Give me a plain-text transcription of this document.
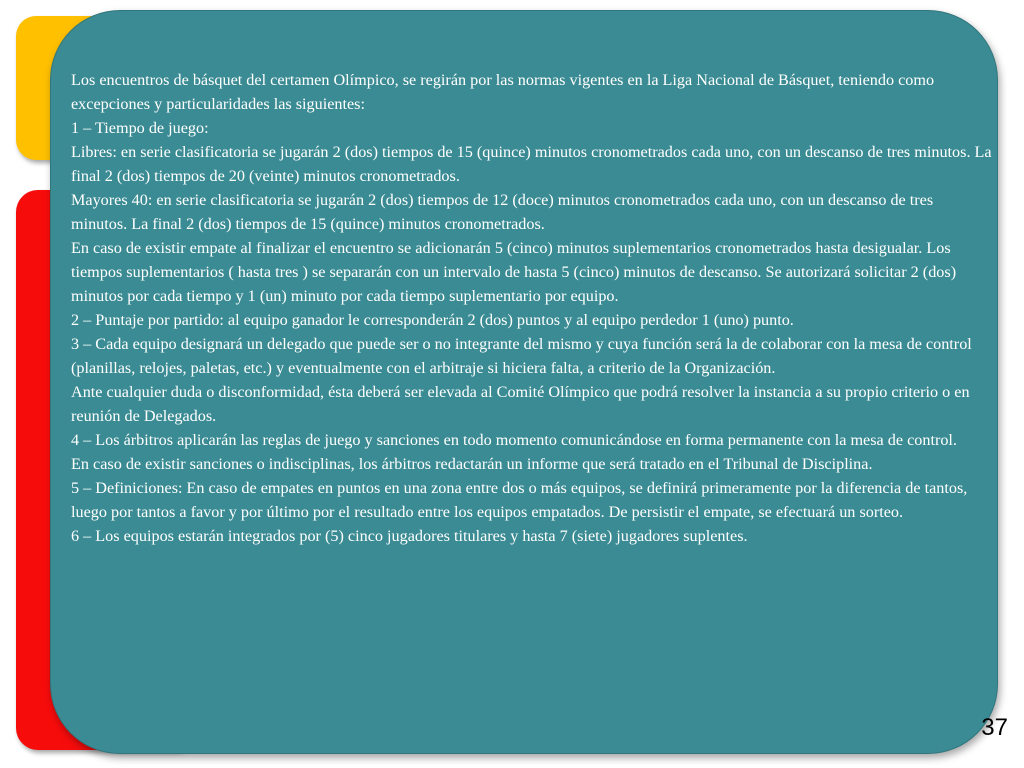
Los encuentros de básquet del certamen Olímpico, se regirán por las normas vigentes en la Liga Nacional de Básquet, teniendo como excepciones y particularidades las siguientes:

1 – Tiempo de juego:

Libres: en serie clasificatoria se jugarán 2 (dos) tiempos de 15 (quince) minutos cronometrados cada uno, con un descanso de tres minutos. La final 2 (dos) tiempos de 20 (veinte) minutos cronometrados.

Mayores 40: en serie clasificatoria se jugarán 2 (dos) tiempos de 12 (doce) minutos cronometrados cada uno, con un descanso de tres minutos. La final 2 (dos) tiempos de 15 (quince) minutos cronometrados.

En caso de existir empate al finalizar el encuentro se adicionarán 5 (cinco) minutos suplementarios cronometrados hasta desigualar. Los tiempos suplementarios ( hasta tres ) se separarán con un intervalo de hasta 5 (cinco) minutos de descanso. Se autorizará solicitar 2 (dos) minutos por cada tiempo y 1 (un) minuto por cada tiempo suplementario por equipo.

2 – Puntaje por partido: al equipo ganador le corresponderán 2 (dos) puntos y al equipo perdedor 1 (uno) punto.

3 – Cada equipo designará un delegado que puede ser o no integrante del mismo y cuya función será la de colaborar con la mesa de control (planillas, relojes, paletas, etc.) y eventualmente con el arbitraje si hiciera falta, a criterio de la Organización.

Ante cualquier duda o disconformidad, ésta deberá ser elevada al Comité Olímpico que podrá resolver la instancia a su propio criterio o en reunión de Delegados.

4 – Los árbitros aplicarán las reglas de juego y sanciones en todo momento comunicándose en forma permanente con la mesa de control.

En caso de existir sanciones o indisciplinas, los árbitros redactarán un informe que será tratado en el Tribunal de Disciplina.

5 – Definiciones: En caso de empates en puntos en una zona entre dos o más equipos, se definirá primeramente por la diferencia de tantos, luego por tantos a favor y por último por el resultado entre los equipos empatados. De persistir el empate, se efectuará un sorteo.

6 – Los equipos estarán integrados por (5) cinco jugadores titulares y hasta 7 (siete) jugadores suplentes.

37
